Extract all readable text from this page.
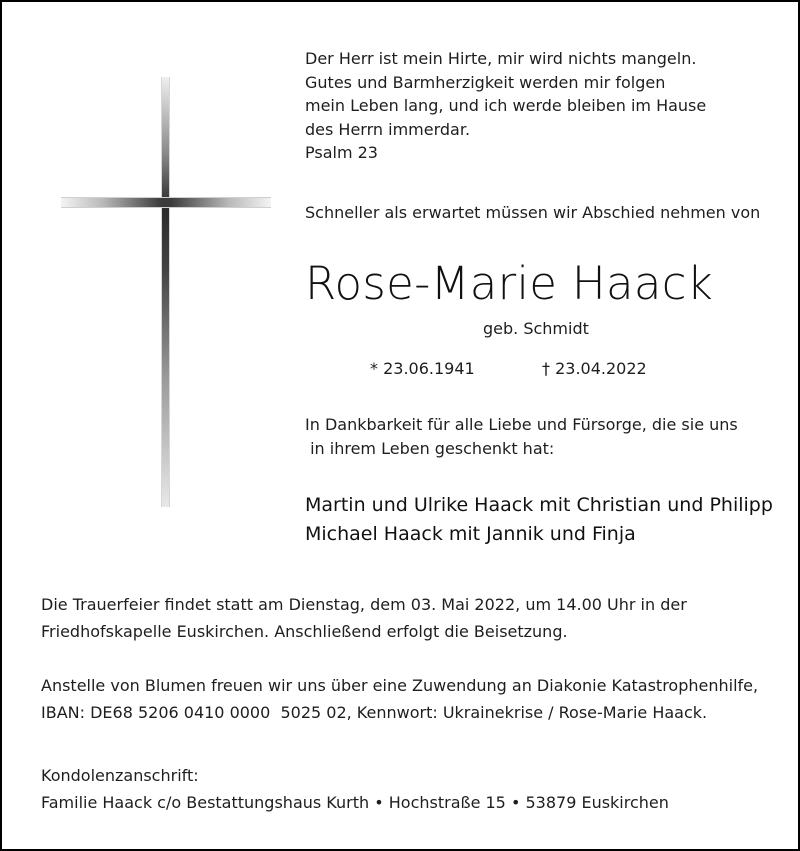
Der Herr ist mein Hirte, mir wird nichts mangeln.
Gutes und Barmherzigkeit werden mir folgen
mein Leben lang, und ich werde bleiben im Hause
des Herrn immerdar.
Psalm 23
Schneller als erwartet müssen wir Abschied nehmen von
Rose-Marie Haack
geb. Schmidt
* 23.06.1941	† 23.04.2022
In Dankbarkeit für alle Liebe und Fürsorge, die sie uns
in ihrem Leben geschenkt hat:
Martin und Ulrike Haack mit Christian und Philipp
Michael Haack mit Jannik und Finja
Die Trauerfeier findet statt am Dienstag, dem 03. Mai 2022, um 14.00 Uhr in der
Friedhofskapelle Euskirchen. Anschließend erfolgt die Beisetzung.
Anstelle von Blumen freuen wir uns über eine Zuwendung an Diakonie Katastrophenhilfe,
IBAN: DE68 5206 0410 0000  5025 02, Kennwort: Ukrainekrise / Rose-Marie Haack.
Kondolenzanschrift:
Familie Haack c/o Bestattungshaus Kurth • Hochstraße 15 • 53879 Euskirchen
